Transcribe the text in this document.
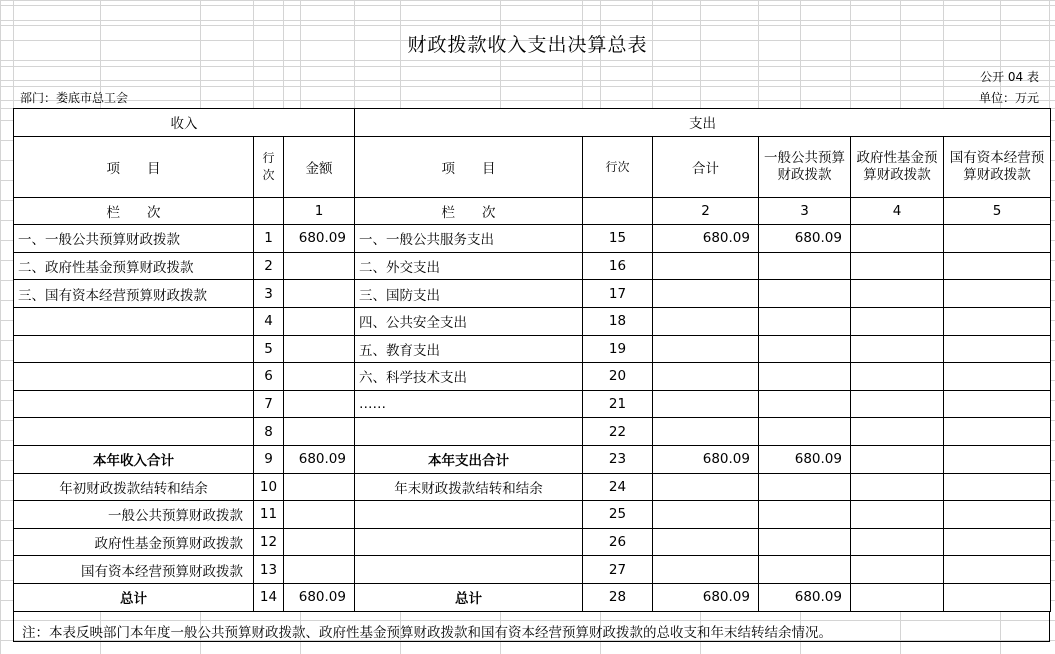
财政拨款收入支出决算总表
公开 04 表
部门：娄底市总工会	单位：万元
收入			支出					
项　　目	行 次	金额	项　　目	行次	合计	一般公共预算财政拨款	政府性基金预算财政拨款	国有资本经营预算财政拨款
栏　　次		1	栏　　次		2	3	4	5
一、一般公共预算财政拨款	1	680.09	一、一般公共服务支出	15	680.09	680.09		
二、政府性基金预算财政拨款	2		二、外交支出	16				
三、国有资本经营预算财政拨款	3		三、国防支出	17				
	4		四、公共安全支出	18				
	5		五、教育支出	19				
	6		六、科学技术支出	20				
	7		……	21				
	8			22				
本年收入合计	9	680.09	本年支出合计	23	680.09	680.09		
年初财政拨款结转和结余	10		年末财政拨款结转和结余	24				
一般公共预算财政拨款	11			25				
政府性基金预算财政拨款	12			26				
国有资本经营预算财政拨款	13			27				
总计	14	680.09	总计	28	680.09	680.09		
注：本表反映部门本年度一般公共预算财政拨款、政府性基金预算财政拨款和国有资本经营预算财政拨款的总收支和年末结转结余情况。
